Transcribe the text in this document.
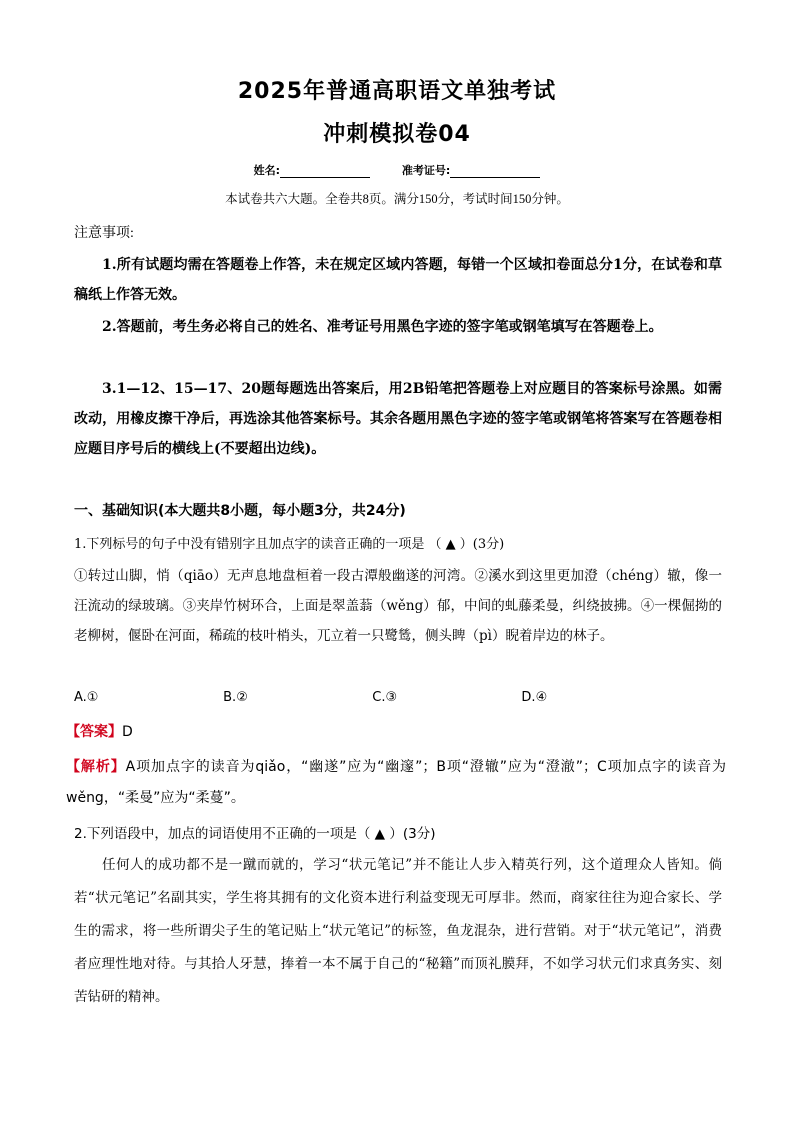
2025年普通高职语文单独考试
冲刺模拟卷04
姓名:	准考证号:
本试卷共六大题。全卷共8页。满分150分，考试时间150分钟。
注意事项:
1.所有试题均需在答题卷上作答，未在规定区域内答题，每错一个区域扣卷面总分1分，在试卷和草稿纸上作答无效。
2.答题前，考生务必将自己的姓名、准考证号用黑色字迹的签字笔或钢笔填写在答题卷上。
3.1—12、15—17、20题每题选出答案后，用2B铅笔把答题卷上对应题目的答案标号涂黑。如需改动，用橡皮擦干净后，再选涂其他答案标号。其余各题用黑色字迹的签字笔或钢笔将答案写在答题卷相应题目序号后的横线上(不要超出边线)。
一、基础知识(本大题共8小题，每小题3分，共24分)
1.下列标号的句子中没有错别字且加点字的读音正确的一项是 （ ▲ ）(3分)
①转过山脚，悄（qiāo）无声息地盘桓着一段古潭般幽遂的河湾。②溪水到这里更加澄（chéng）辙，像一汪流动的绿玻璃。③夹岸竹树环合，上面是翠盖蓊（wěng）郁，中间的虬藤柔曼，纠绕披拂。④一棵倔拗的老柳树，偃卧在河面，稀疏的枝叶梢头，兀立着一只鹭鸶，侧头睥（pì）睨着岸边的林子。
A.①	B.②	C.③	D.④
【答案】D
【解析】A项加点字的读音为qiǎo，“幽遂”应为“幽邃”；B项“澄辙”应为“澄澈”；C项加点字的读音为wěng，“柔曼”应为“柔蔓”。
2.下列语段中，加点的词语使用不正确的一项是（ ▲ ）(3分)
任何人的成功都不是一蹴而就的，学习“状元笔记”并不能让人步入精英行列，这个道理众人皆知。倘若“状元笔记”名副其实，学生将其拥有的文化资本进行利益变现无可厚非。然而，商家往往为迎合家长、学生的需求，将一些所谓尖子生的笔记贴上“状元笔记”的标签，鱼龙混杂，进行营销。对于“状元笔记”，消费者应理性地对待。与其拾人牙慧，捧着一本不属于自己的“秘籍”而顶礼膜拜，不如学习状元们求真务实、刻苦钻研的精神。
